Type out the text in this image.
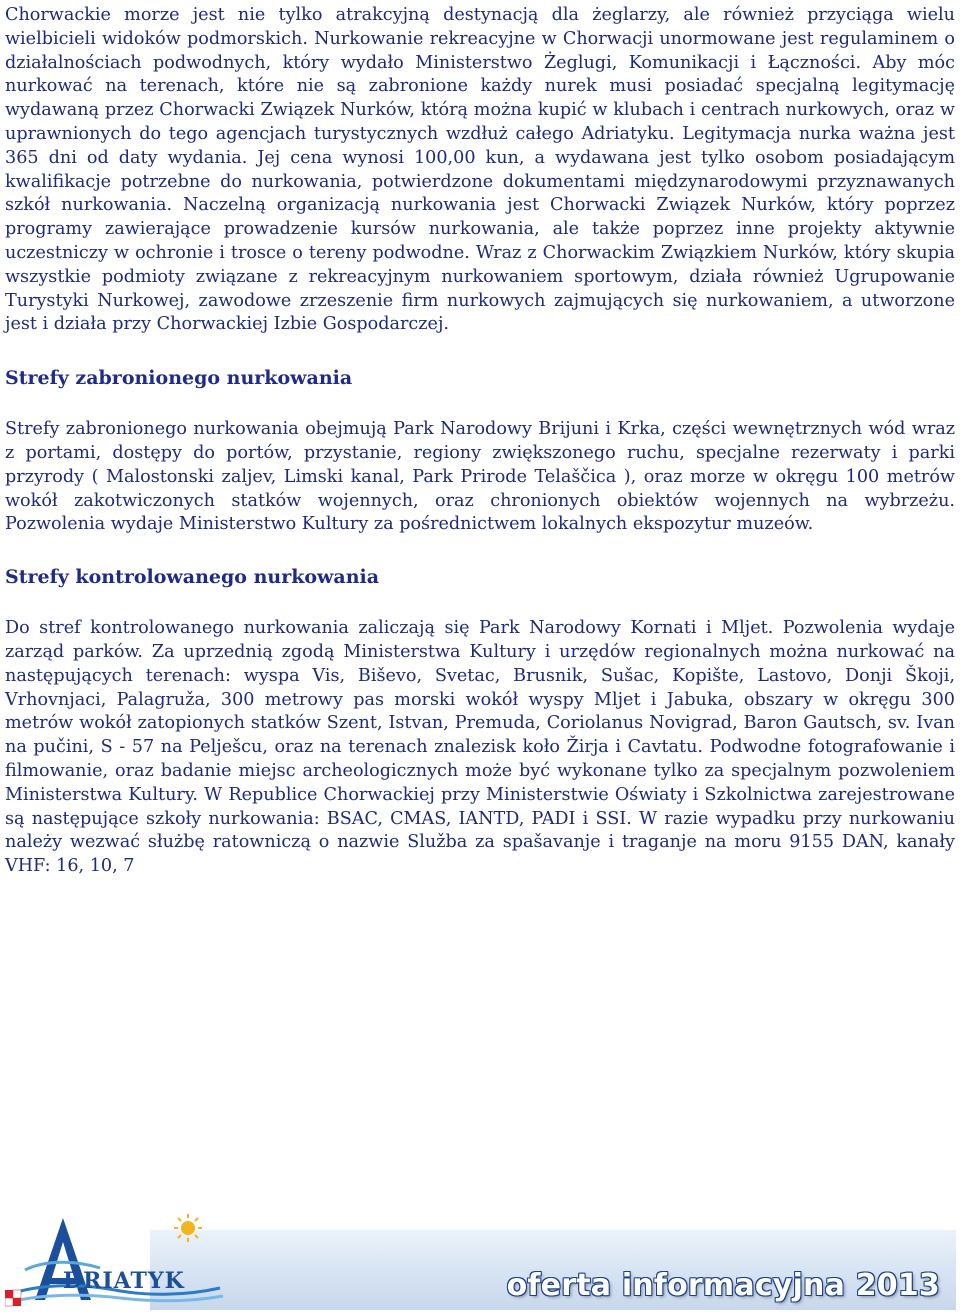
Chorwackie morze jest nie tylko atrakcyjną destynacją dla żeglarzy, ale również przyciąga wielu wielbicieli widoków podmorskich. Nurkowanie rekreacyjne w Chorwacji unormowane jest regulaminem o działalnościach podwodnych, który wydało Ministerstwo Żeglugi, Komunikacji i Łączności. Aby móc nurkować na terenach, które nie są zabronione każdy nurek musi posiadać specjalną legitymację wydawaną przez Chorwacki Związek Nurków, którą można kupić w klubach i centrach nurkowych, oraz w uprawnionych do tego agencjach turystycznych wzdłuż całego Adriatyku. Legitymacja nurka ważna jest 365 dni od daty wydania. Jej cena wynosi 100,00 kun, a wydawana jest tylko osobom posiadającym kwalifikacje potrzebne do nurkowania, potwierdzone dokumentami międzynarodowymi przyznawanych szkół nurkowania. Naczelną organizacją nurkowania jest Chorwacki Związek Nurków, który poprzez programy zawierające prowadzenie kursów nurkowania, ale także poprzez inne projekty aktywnie uczestniczy w ochronie i trosce o tereny podwodne. Wraz z Chorwackim Związkiem Nurków, który skupia wszystkie podmioty związane z rekreacyjnym nurkowaniem sportowym, działa również Ugrupowanie Turystyki Nurkowej, zawodowe zrzeszenie firm nurkowych zajmujących się nurkowaniem, a utworzone jest i działa przy Chorwackiej Izbie Gospodarczej.

Strefy zabronionego nurkowania

Strefy zabronionego nurkowania obejmują Park Narodowy Brijuni i Krka, części wewnętrznych wód wraz z portami, dostępy do portów, przystanie, regiony zwiększonego ruchu, specjalne rezerwaty i parki przyrody ( Malostonski zaljev, Limski kanal, Park Prirode Telaščica ), oraz morze w okręgu 100 metrów wokół zakotwiczonych statków wojennych, oraz chronionych obiektów wojennych na wybrzeżu. Pozwolenia wydaje Ministerstwo Kultury za pośrednictwem lokalnych ekspozytur muzeów.

Strefy kontrolowanego nurkowania

Do stref kontrolowanego nurkowania zaliczają się Park Narodowy Kornati i Mljet. Pozwolenia wydaje zarząd parków. Za uprzednią zgodą Ministerstwa Kultury i urzędów regionalnych można nurkować na następujących terenach: wyspa Vis, Biševo, Svetac, Brusnik, Sušac, Kopište, Lastovo, Donji Škoji, Vrhovnjaci, Palagruža, 300 metrowy pas morski wokół wyspy Mljet i Jabuka, obszary w okręgu 300 metrów wokół zatopionych statków Szent, Istvan, Premuda, Coriolanus Novigrad, Baron Gautsch, sv. Ivan na pučini, S - 57 na Pelješcu, oraz na terenach znalezisk koło Žirja i Cavtatu. Podwodne fotografowanie i filmowanie, oraz badanie miejsc archeologicznych może być wykonane tylko za specjalnym pozwoleniem Ministerstwa Kultury. W Republice Chorwackiej przy Ministerstwie Oświaty i Szkolnictwa zarejestrowane są następujące szkoły nurkowania: BSAC, CMAS, IANTD, PADI i SSI. W razie wypadku przy nurkowaniu należy wezwać służbę ratowniczą o nazwie Služba za spašavanje i traganje na moru 9155 DAN, kanały VHF: 16, 10, 7

oferta informacyjna 2013
DRIATYK
